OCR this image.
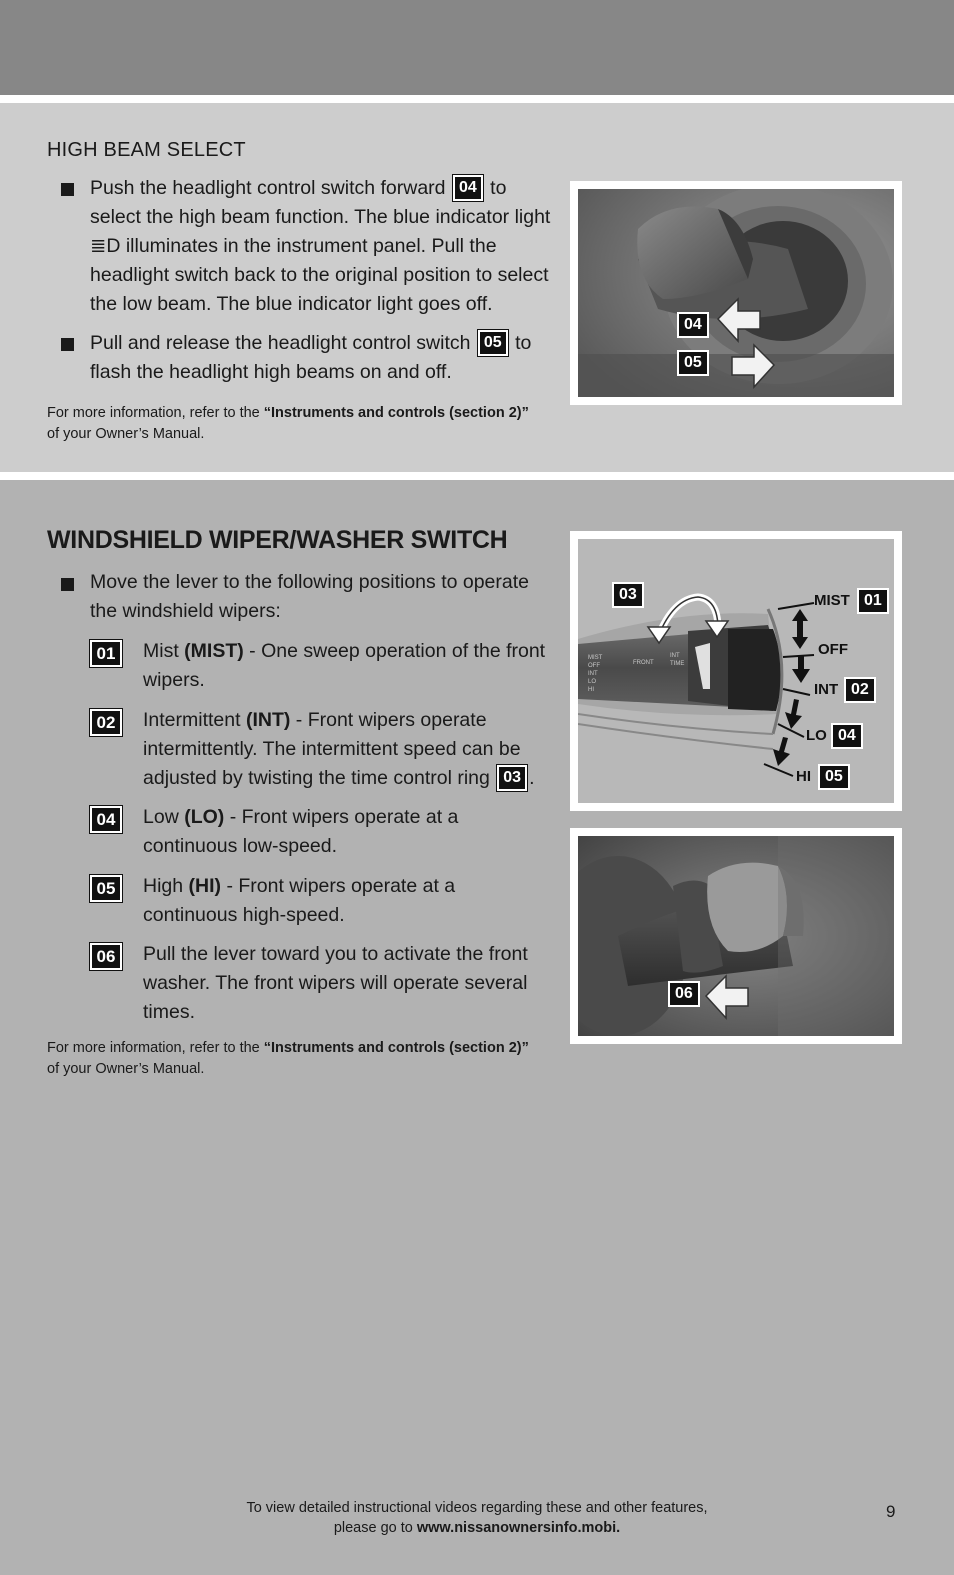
HIGH BEAM SELECT
Push the headlight control switch forward 04 to select the high beam function. The blue indicator light ≣D illuminates in the instrument panel. Pull the headlight switch back to the original position to select the low beam. The blue indicator light goes off.
Pull and release the headlight control switch 05 to flash the headlight high beams on and off.
For more information, refer to the “Instruments and controls (section 2)”
of your Owner’s Manual.
04
05
WINDSHIELD WIPER/WASHER SWITCH
Move the lever to the following positions to operate the windshield wipers:
01	Mist (MIST) - One sweep operation of the front wipers.
02	Intermittent (INT) - Front wipers operate intermittently. The intermittent speed can be adjusted by twisting the time control ring 03 .
04	Low (LO) - Front wipers operate at a continuous low-speed.
05	High (HI) - Front wipers operate at a continuous high-speed.
06	Pull the lever toward you to activate the front washer. The front wipers will operate several times.
For more information, refer to the “Instruments and controls (section 2)”
of your Owner’s Manual.
MIST
OFF
INT
LO
HI
FRONT
INT
TIME
03	MIST 01
OFF
INT 02
LO 04
HI 05
06
To view detailed instructional videos regarding these and other features,
please go to www.nissanownersinfo.mobi.
9
